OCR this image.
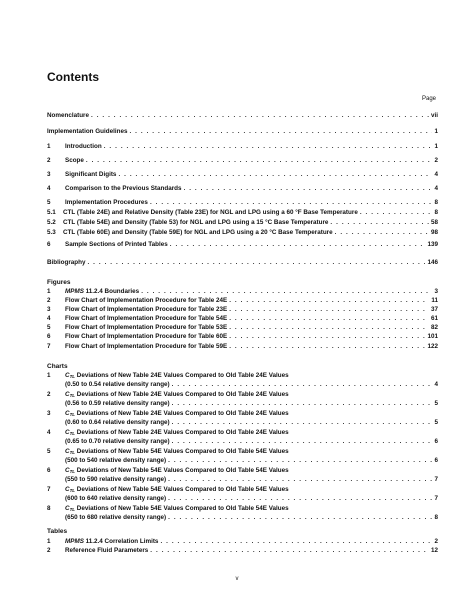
Contents
Page
Nomenclature . . .	vii
Implementation Guidelines . . .	1
1	Introduction . . .	1
2	Scope . . .	2
3	Significant Digits . . .	4
4	Comparison to the Previous Standards . . .	4
5	Implementation Procedures . . .	8
5.1	CTL (Table 24E) and Relative Density (Table 23E) for NGL and LPG using a 60 °F Base Temperature . . .	8
5.2	CTL (Table 54E) and Density (Table 53) for NGL and LPG using a 15 °C Base Temperature . . .	58
5.3	CTL (Table 60E) and Density (Table 59E) for NGL and LPG using a 20 °C Base Temperature . . .	98
6	Sample Sections of Printed Tables . . .	139
Bibliography . . .	146
Figures
1	MPMS 11.2.4 Boundaries . . .	3
2	Flow Chart of Implementation Procedure for Table 24E . . .	11
3	Flow Chart of Implementation Procedure for Table 23E . . .	37
4	Flow Chart of Implementation Procedure for Table 54E . . .	61
5	Flow Chart of Implementation Procedure for Table 53E . . .	82
6	Flow Chart of Implementation Procedure for Table 60E . . .	101
7	Flow Chart of Implementation Procedure for Table 59E . . .	122
Charts
1 $C_{TL}$ Deviations of New Table 24E Values Compared to Old Table 24E Values
(0.50 to 0.54 relative density range) . . .	4
2 $C_{TL}$ Deviations of New Table 24E Values Compared to Old Table 24E Values
(0.56 to 0.59 relative density range) . . .	5
3 $C_{TL}$ Deviations of New Table 24E Values Compared to Old Table 24E Values
(0.60 to 0.64 relative density range) . . .	5
4 $C_{TL}$ Deviations of New Table 24E Values Compared to Old Table 24E Values
(0.65 to 0.70 relative density range) . . .	6
5 $C_{TL}$ Deviations of New Table 54E Values Compared to Old Table 54E Values
(500 to 540 relative density range) . . .	6
6 $C_{TL}$ Deviations of New Table 54E Values Compared to Old Table 54E Values
(550 to 590 relative density range) . . .	7
7 $C_{TL}$ Deviations of New Table 54E Values Compared to Old Table 54E Values
(600 to 640 relative density range) . . .	7
8 $C_{TL}$ Deviations of New Table 54E Values Compared to Old Table 54E Values
(650 to 680 relative density range) . . .	8
Tables
1	MPMS 11.2.4 Correlation Limits . . .	2
2	Reference Fluid Parameters . . .	12
v
